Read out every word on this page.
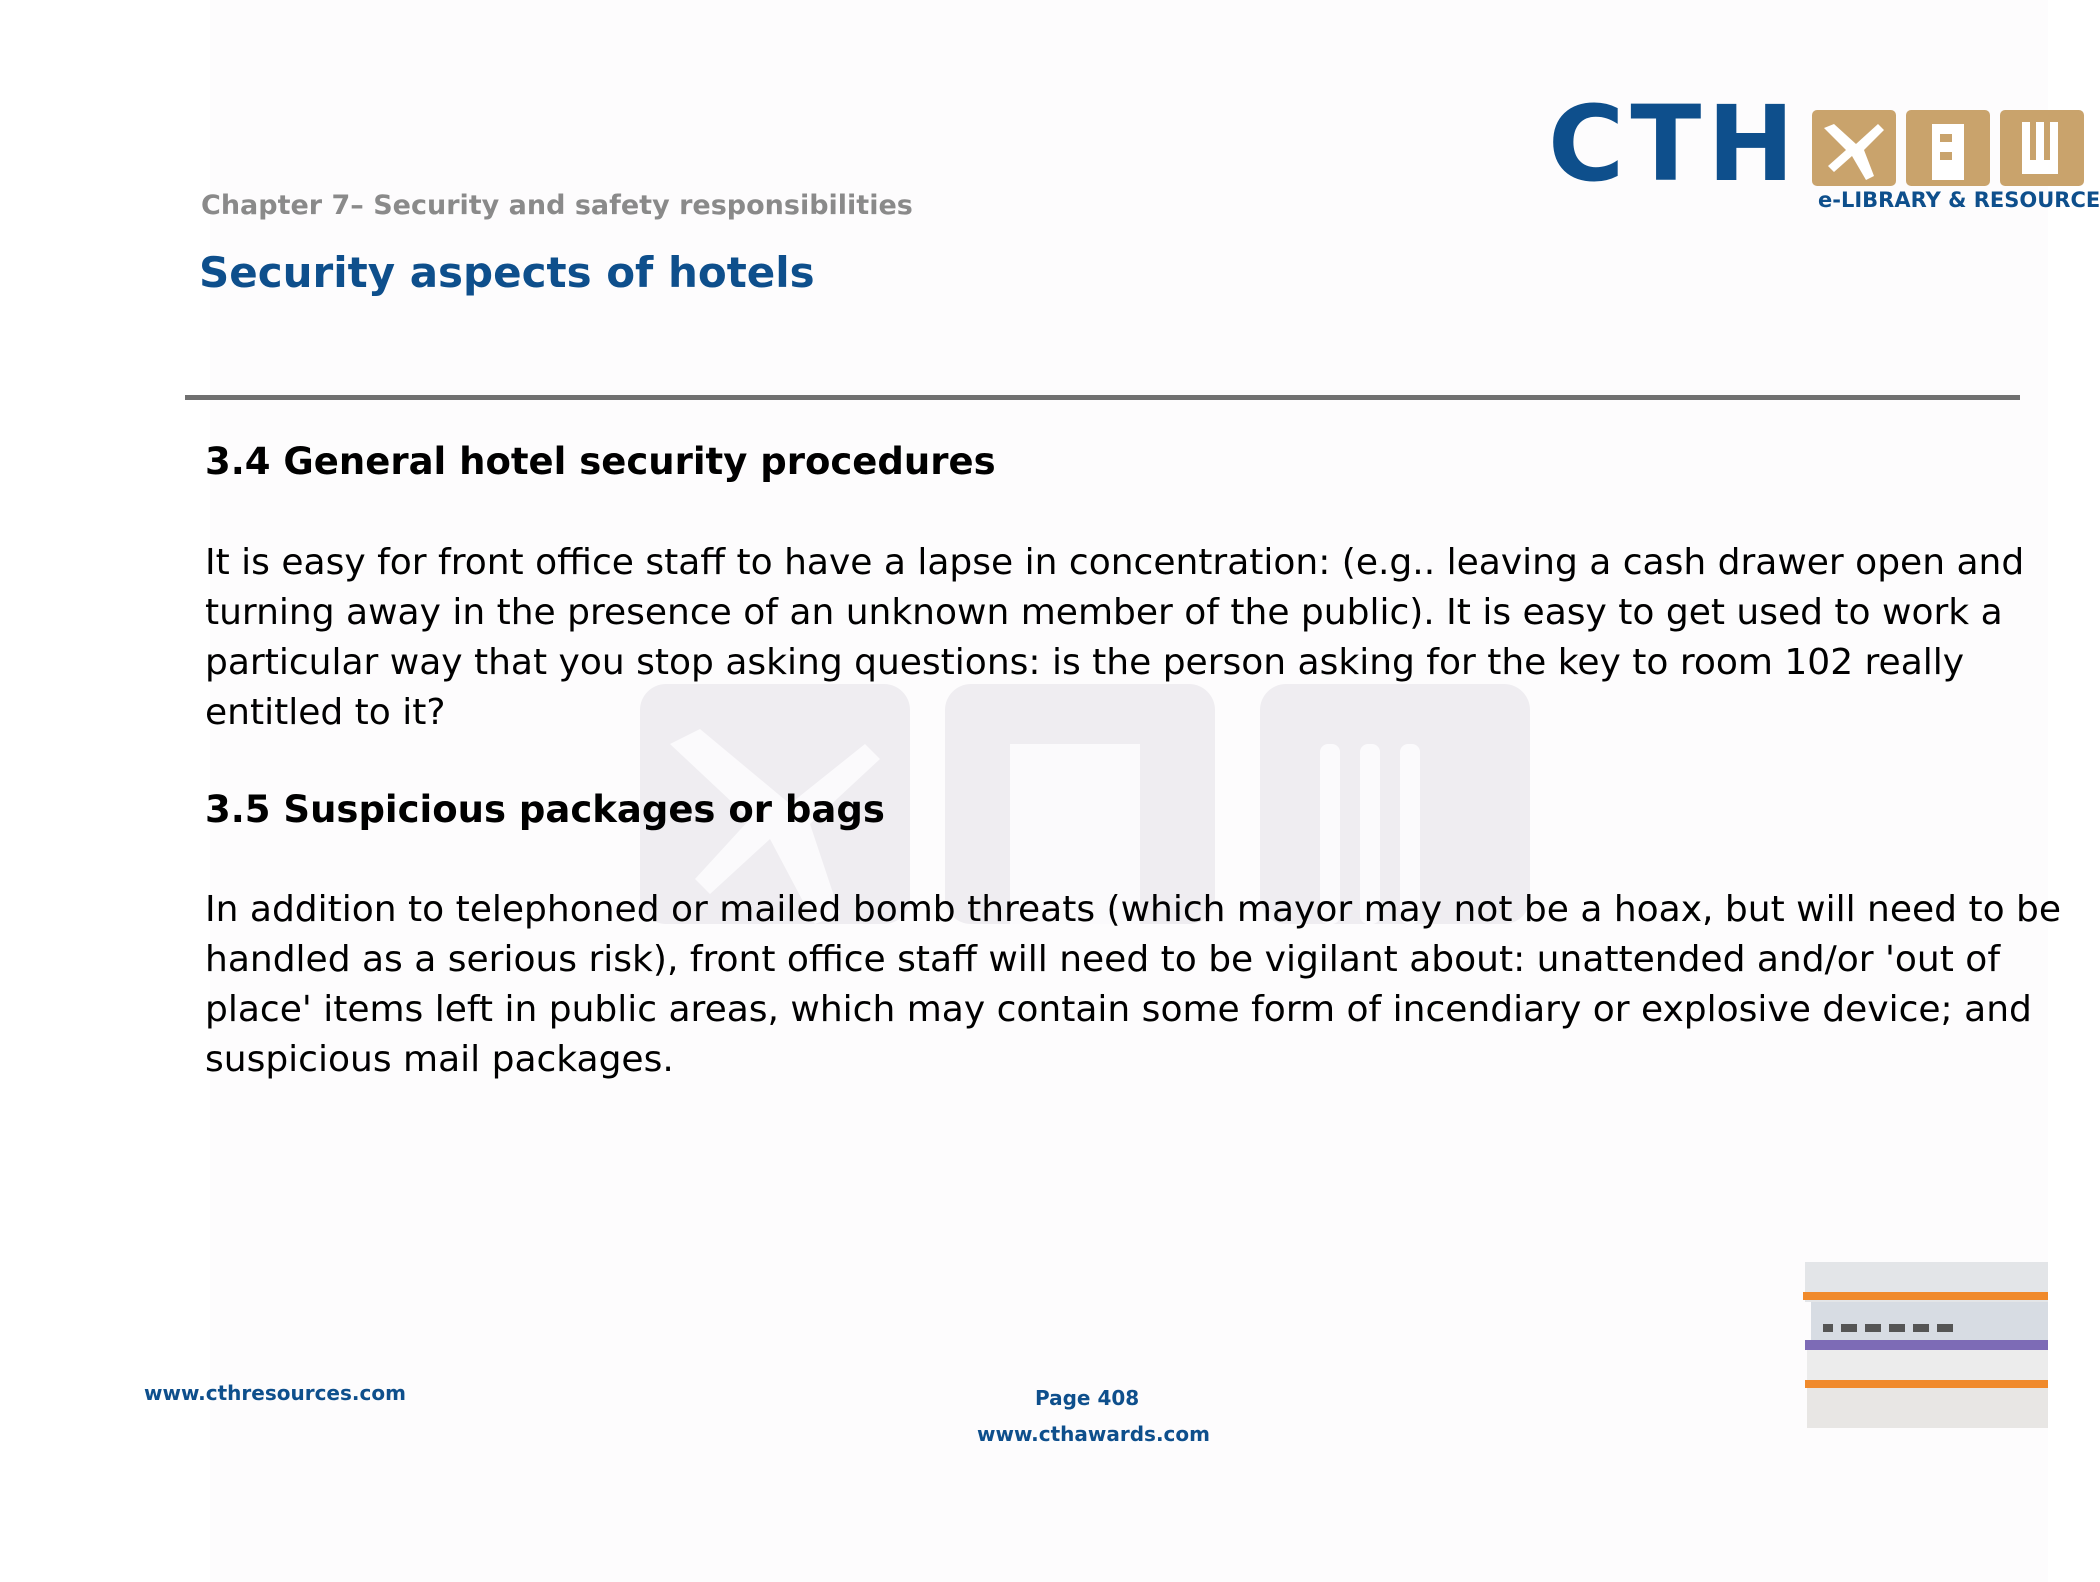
CTH e-LIBRARY & RESOURCE
Chapter 7– Security and safety responsibilities
Security aspects of hotels
3.4 General hotel security procedures
It is easy for front office staff to have a lapse in concentration: (e.g.. leaving a cash drawer open and
turning away in the presence of an unknown member of the public). It is easy to get used to work a
particular way that you stop asking questions: is the person asking for the key to room 102 really
entitled to it?
3.5 Suspicious packages or bags
In addition to telephoned or mailed bomb threats (which mayor may not be a hoax, but will need to be
handled as a serious risk), front office staff will need to be vigilant about: unattended and/or 'out of
place' items left in public areas, which may contain some form of incendiary or explosive device; and
suspicious mail packages.
www.cthresources.com	Page 408
www.cthawards.com
